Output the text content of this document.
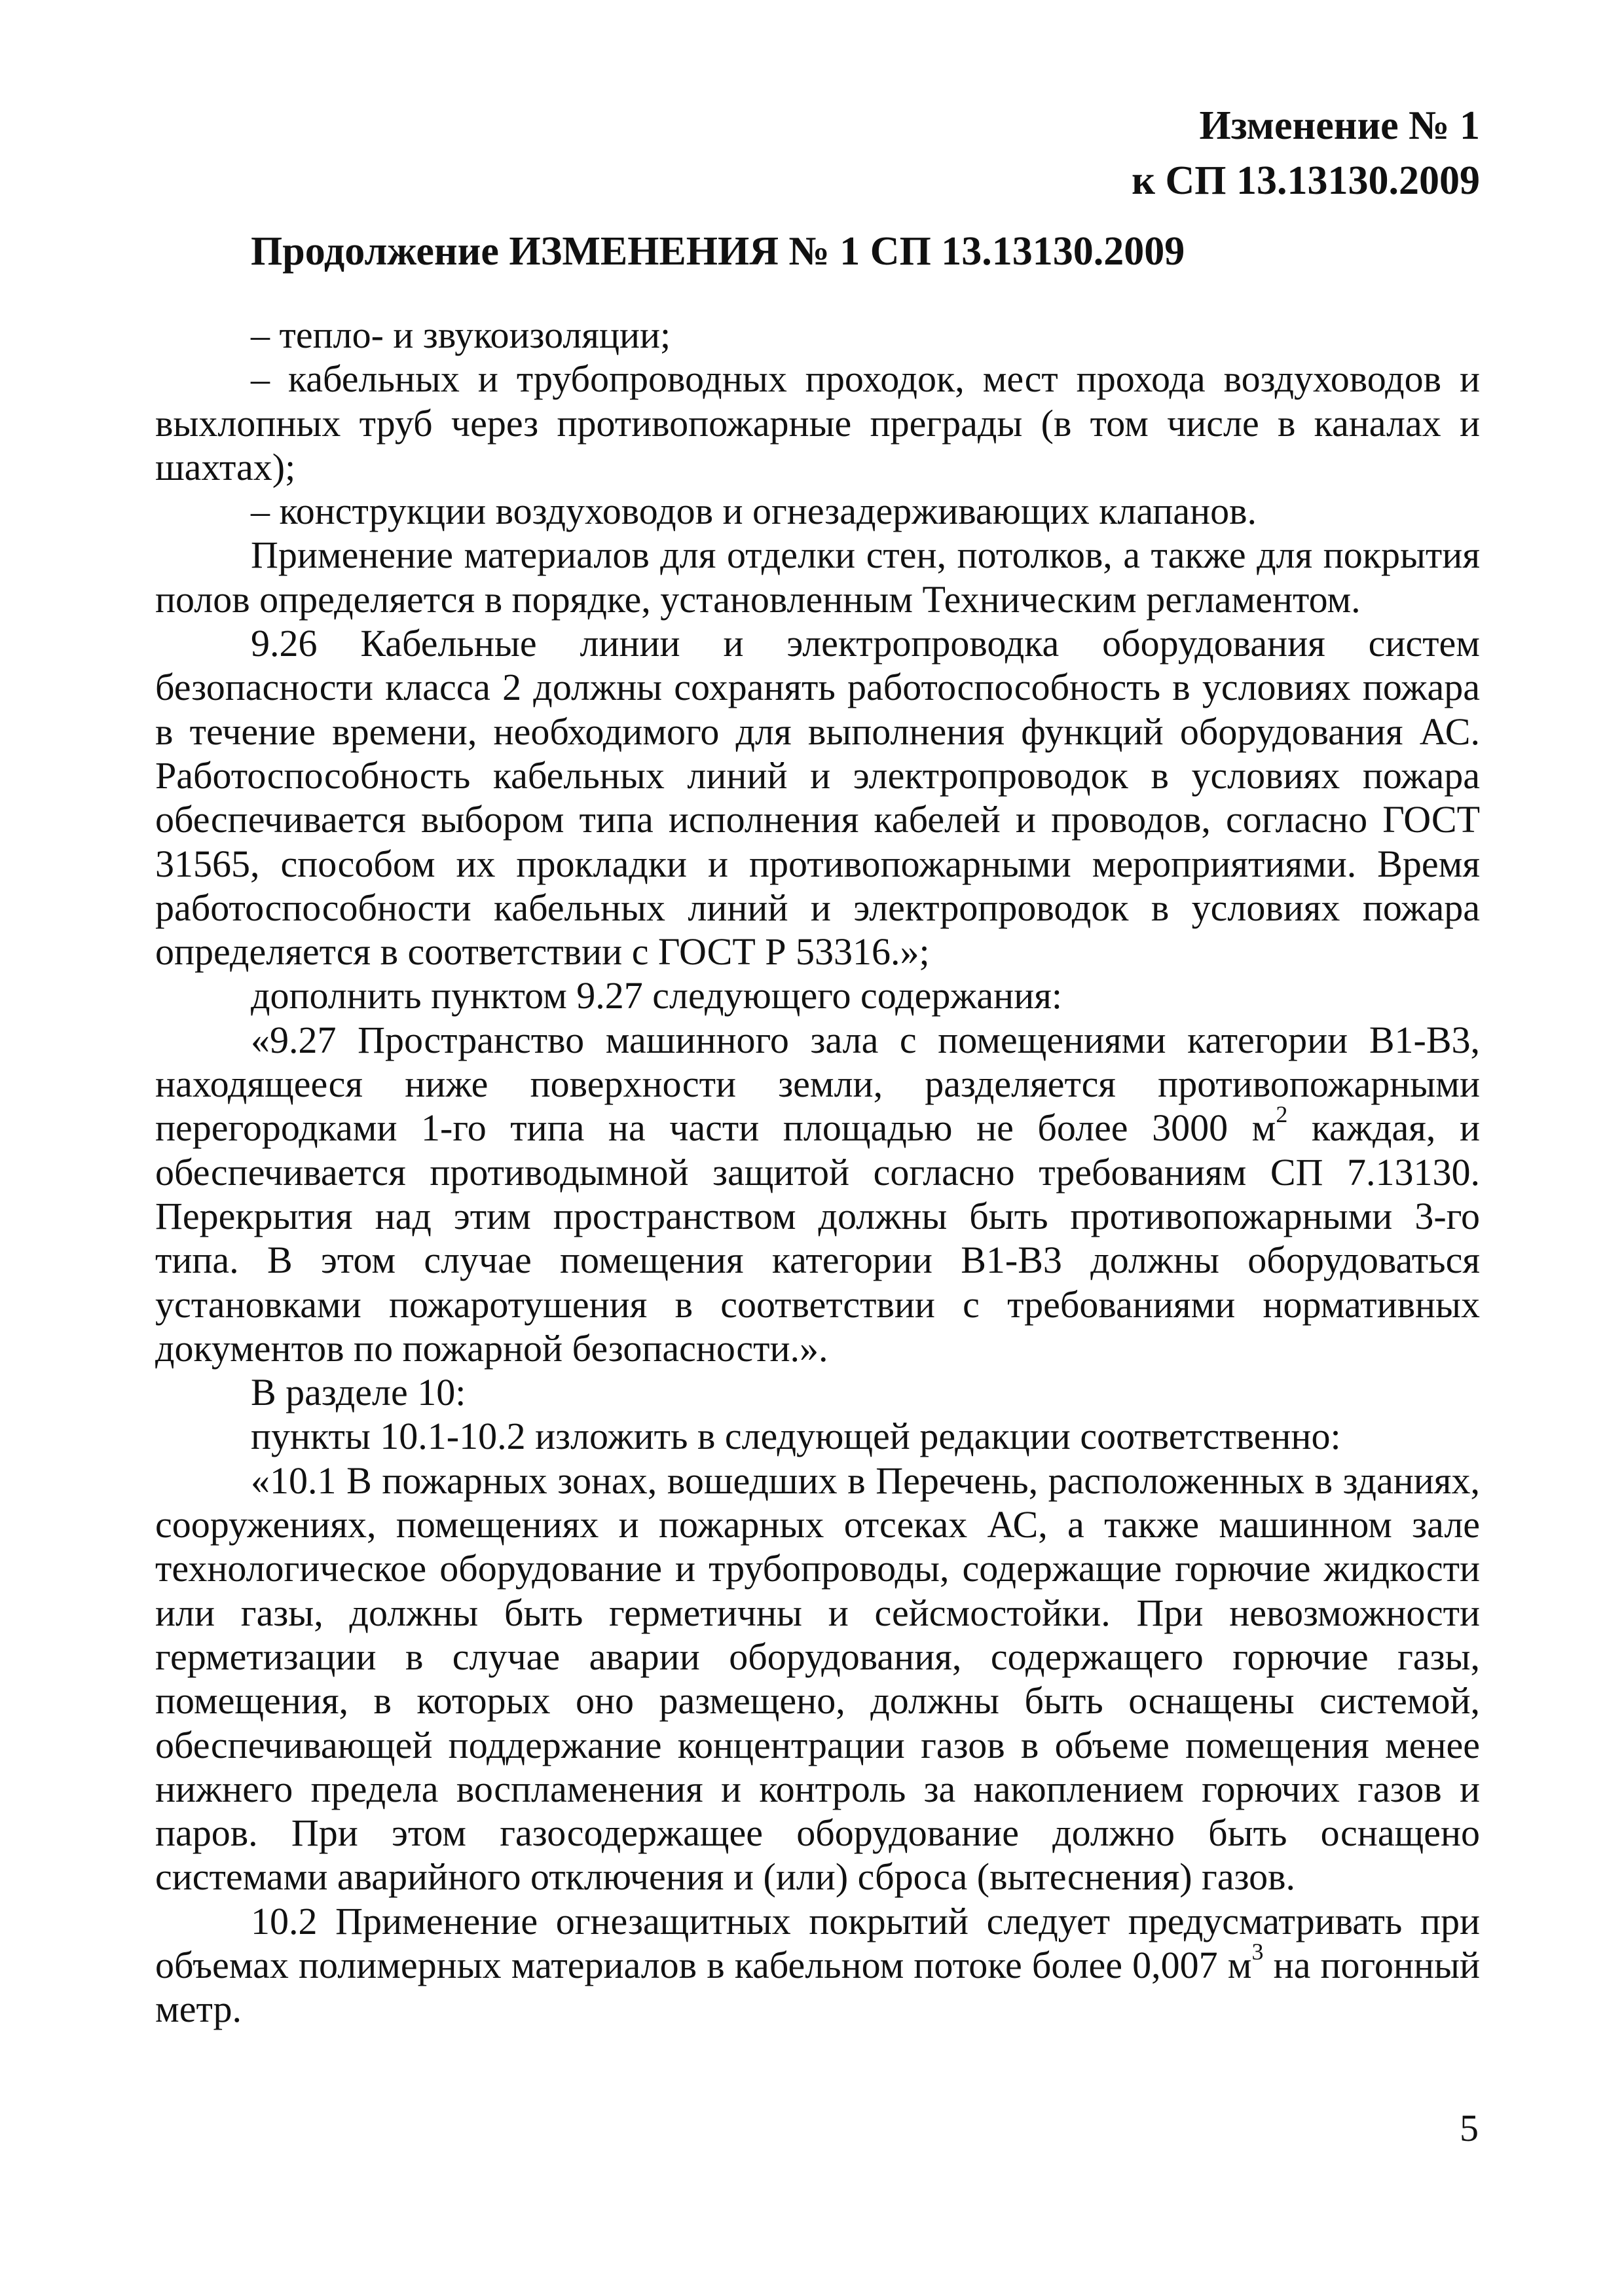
Изменение № 1
к СП 13.13130.2009
Продолжение ИЗМЕНЕНИЯ № 1 СП 13.13130.2009

– тепло- и звукоизоляции;

– кабельных и трубопроводных проходок, мест прохода воздуховодов и выхлопных труб через противопожарные преграды (в том числе в каналах и шахтах);

– конструкции воздуховодов и огнезадерживающих клапанов.

Применение материалов для отделки стен, потолков, а также для покрытия полов определяется в порядке, установленным Техническим регламентом.

9.26 Кабельные линии и электропроводка оборудования систем безопасности класса 2 должны сохранять работоспособность в условиях пожара в течение времени, необходимого для выполнения функций оборудования АС. Работоспособность кабельных линий и электропроводок в условиях пожара обеспечивается выбором типа исполнения кабелей и проводов, согласно ГОСТ 31565, способом их прокладки и противопожарными мероприятиями. Время работоспособности кабельных линий и электропроводок в условиях пожара определяется в соответствии с ГОСТ Р 53316.»;

дополнить пунктом 9.27 следующего содержания:

«9.27 Пространство машинного зала с помещениями категории В1-В3, находящееся ниже поверхности земли, разделяется противопожарными перегородками 1-го типа на части площадью не более 3000 $м^2$ каждая, и обеспечивается противодымной защитой согласно требованиям СП 7.13130. Перекрытия над этим пространством должны быть противопожарными 3-го типа. В этом случае помещения категории В1-В3 должны оборудоваться установками пожаротушения в соответствии с требованиями нормативных документов по пожарной безопасности.».

В разделе 10:

пункты 10.1-10.2 изложить в следующей редакции соответственно:

«10.1 В пожарных зонах, вошедших в Перечень, расположенных в зданиях, сооружениях, помещениях и пожарных отсеках АС, а также машинном зале технологическое оборудование и трубопроводы, содержащие горючие жидкости или газы, должны быть герметичны и сейсмостойки. При невозможности герметизации в случае аварии оборудования, содержащего горючие газы, помещения, в которых оно размещено, должны быть оснащены системой, обеспечивающей поддержание концентрации газов в объеме помещения менее нижнего предела воспламенения и контроль за накоплением горючих газов и паров. При этом газосодержащее оборудование должно быть оснащено системами аварийного отключения и (или) сброса (вытеснения) газов.

10.2 Применение огнезащитных покрытий следует предусматривать при объемах полимерных материалов в кабельном потоке более 0,007 $м^3$ на погонный метр.

5
